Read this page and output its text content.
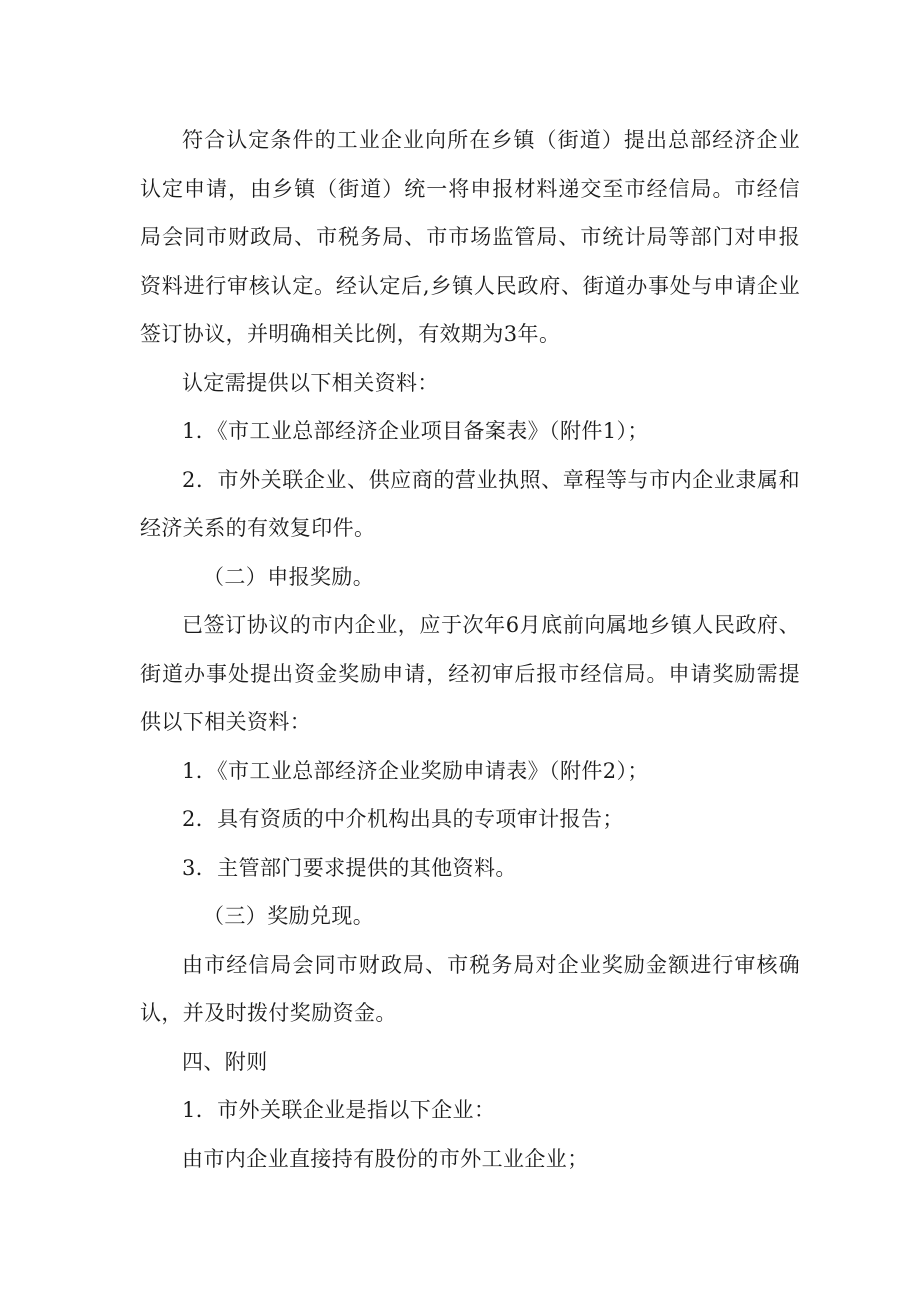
符合认定条件的工业企业向所在乡镇（街道）提出总部经济企业认定申请，由乡镇（街道）统一将申报材料递交至市经信局。市经信局会同市财政局、市税务局、市市场监管局、市统计局等部门对申报资料进行审核认定。经认定后,乡镇人民政府、街道办事处与申请企业签订协议，并明确相关比例，有效期为3年。

认定需提供以下相关资料：

1．《市工业总部经济企业项目备案表》（附件1）；

2．市外关联企业、供应商的营业执照、章程等与市内企业隶属和经济关系的有效复印件。

（二）申报奖励。

已签订协议的市内企业，应于次年6月底前向属地乡镇人民政府、街道办事处提出资金奖励申请，经初审后报市经信局。申请奖励需提供以下相关资料：

1．《市工业总部经济企业奖励申请表》（附件2）；

2．具有资质的中介机构出具的专项审计报告；

3．主管部门要求提供的其他资料。

（三）奖励兑现。

由市经信局会同市财政局、市税务局对企业奖励金额进行审核确认，并及时拨付奖励资金。

四、附则

1．市外关联企业是指以下企业：

由市内企业直接持有股份的市外工业企业；
